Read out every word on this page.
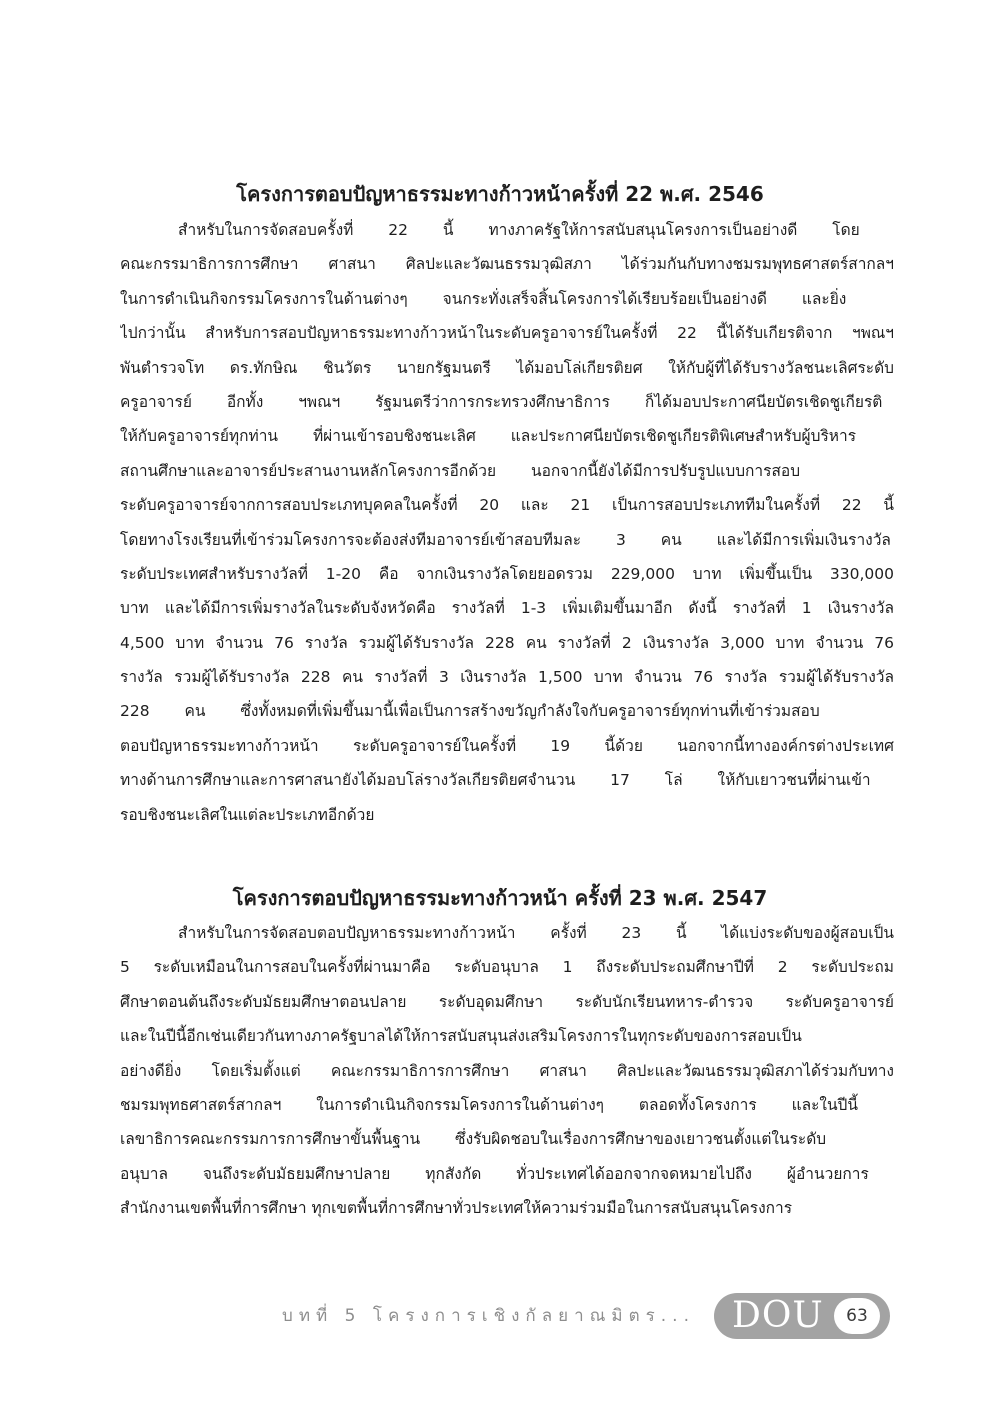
โครงการตอบปัญหาธรรมะทางก้าวหน้าครั้งที่ 22 พ.ศ. 2546
สำหรับในการจัดสอบครั้งที่ 22 นี้ ทางภาครัฐให้การสนับสนุนโครงการเป็นอย่างดี โดย
คณะกรรมาธิการการศึกษา ศาสนา ศิลปะและวัฒนธรรมวุฒิสภา ได้ร่วมกันกับทางชมรมพุทธศาสตร์สากลฯ
ในการดำเนินกิจกรรมโครงการในด้านต่างๆ จนกระทั่งเสร็จสิ้นโครงการได้เรียบร้อยเป็นอย่างดี และยิ่ง
ไปกว่านั้น สำหรับการสอบปัญหาธรรมะทางก้าวหน้าในระดับครูอาจารย์ในครั้งที่ 22 นี้ได้รับเกียรติจาก ฯพณฯ
พันตำรวจโท ดร.ทักษิณ ชินวัตร นายกรัฐมนตรี ได้มอบโล่เกียรติยศ ให้กับผู้ที่ได้รับรางวัลชนะเลิศระดับ
ครูอาจารย์ อีกทั้ง ฯพณฯ รัฐมนตรีว่าการกระทรวงศึกษาธิการ ก็ได้มอบประกาศนียบัตรเชิดชูเกียรติ
ให้กับครูอาจารย์ทุกท่าน ที่ผ่านเข้ารอบชิงชนะเลิศ และประกาศนียบัตรเชิดชูเกียรติพิเศษสำหรับผู้บริหาร
สถานศึกษาและอาจารย์ประสานงานหลักโครงการอีกด้วย นอกจากนี้ยังได้มีการปรับรูปแบบการสอบ
ระดับครูอาจารย์จากการสอบประเภทบุคคลในครั้งที่ 20 และ 21 เป็นการสอบประเภททีมในครั้งที่ 22 นี้
โดยทางโรงเรียนที่เข้าร่วมโครงการจะต้องส่งทีมอาจารย์เข้าสอบทีมละ 3 คน และได้มีการเพิ่มเงินรางวัล
ระดับประเทศสำหรับรางวัลที่ 1-20 คือ จากเงินรางวัลโดยยอดรวม 229,000 บาท เพิ่มขึ้นเป็น 330,000
บาท และได้มีการเพิ่มรางวัลในระดับจังหวัดคือ รางวัลที่ 1-3 เพิ่มเติมขึ้นมาอีก ดังนี้ รางวัลที่ 1 เงินรางวัล
4,500 บาท จำนวน 76 รางวัล รวมผู้ได้รับรางวัล 228 คน รางวัลที่ 2 เงินรางวัล 3,000 บาท จำนวน 76
รางวัล รวมผู้ได้รับรางวัล 228 คน รางวัลที่ 3 เงินรางวัล 1,500 บาท จำนวน 76 รางวัล รวมผู้ได้รับรางวัล
228 คน ซึ่งทั้งหมดที่เพิ่มขึ้นมานี้เพื่อเป็นการสร้างขวัญกำลังใจกับครูอาจารย์ทุกท่านที่เข้าร่วมสอบ
ตอบปัญหาธรรมะทางก้าวหน้า ระดับครูอาจารย์ในครั้งที่ 19 นี้ด้วย นอกจากนี้ทางองค์กรต่างประเทศ
ทางด้านการศึกษาและการศาสนายังได้มอบโล่รางวัลเกียรติยศจำนวน 17 โล่ ให้กับเยาวชนที่ผ่านเข้า
รอบชิงชนะเลิศในแต่ละประเภทอีกด้วย
โครงการตอบปัญหาธรรมะทางก้าวหน้า ครั้งที่ 23 พ.ศ. 2547
สำหรับในการจัดสอบตอบปัญหาธรรมะทางก้าวหน้า ครั้งที่ 23 นี้ ได้แบ่งระดับของผู้สอบเป็น
5 ระดับเหมือนในการสอบในครั้งที่ผ่านมาคือ ระดับอนุบาล 1 ถึงระดับประถมศึกษาปีที่ 2 ระดับประถม
ศึกษาตอนต้นถึงระดับมัธยมศึกษาตอนปลาย ระดับอุดมศึกษา ระดับนักเรียนทหาร-ตำรวจ ระดับครูอาจารย์
และในปีนี้อีกเช่นเดียวกันทางภาครัฐบาลได้ให้การสนับสนุนส่งเสริมโครงการในทุกระดับของการสอบเป็น
อย่างดียิ่ง โดยเริ่มตั้งแต่ คณะกรรมาธิการการศึกษา ศาสนา ศิลปะและวัฒนธรรมวุฒิสภาได้ร่วมกับทาง
ชมรมพุทธศาสตร์สากลฯ ในการดำเนินกิจกรรมโครงการในด้านต่างๆ ตลอดทั้งโครงการ และในปีนี้
เลขาธิการคณะกรรมการการศึกษาขั้นพื้นฐาน ซึ่งรับผิดชอบในเรื่องการศึกษาของเยาวชนตั้งแต่ในระดับ
อนุบาล จนถึงระดับมัธยมศึกษาปลาย ทุกสังกัด ทั่วประเทศได้ออกจากจดหมายไปถึง ผู้อำนวยการ
สำนักงานเขตพื้นที่การศึกษา ทุกเขตพื้นที่การศึกษาทั่วประเทศให้ความร่วมมือในการสนับสนุนโครงการ
บทที่ 5 โครงการเชิงกัลยาณมิตร... DOU	63
